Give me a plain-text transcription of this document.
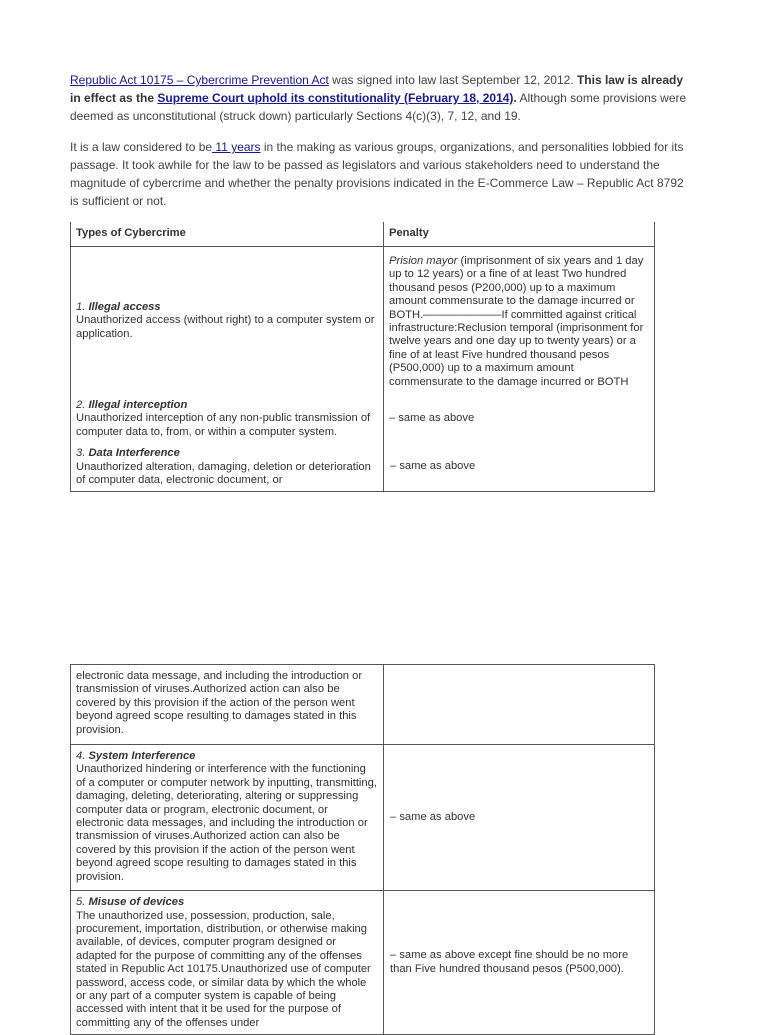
Republic Act 10175 – Cybercrime Prevention Act was signed into law last September 12, 2012. This law is already in effect as the Supreme Court uphold its constitutionality (February 18, 2014). Although some provisions were deemed as unconstitutional (struck down) particularly Sections 4(c)(3), 7, 12, and 19.

It is a law considered to be 11 years in the making as various groups, organizations, and personalities lobbied for its passage. It took awhile for the law to be passed as legislators and various stakeholders need to understand the magnitude of cybercrime and whether the penalty provisions indicated in the E-Commerce Law – Republic Act 8792 is sufficient or not.

Types of Cybercrime	Penalty
1. Illegal access
Unauthorized access (without right) to a computer system or application.	Prision mayor (imprisonment of six years and 1 day up to 12 years) or a fine of at least Two hundred thousand pesos (P200,000) up to a maximum amount commensurate to the damage incurred or BOTH.———————If committed against critical infrastructure:Reclusion temporal (imprisonment for twelve years and one day up to twenty years) or a fine of at least Five hundred thousand pesos (P500,000) up to a maximum amount commensurate to the damage incurred or BOTH
2. Illegal interception
Unauthorized interception of any non-public transmission of computer data to, from, or within a computer system.	– same as above
3. Data Interference
Unauthorized alteration, damaging, deletion or deterioration of computer data, electronic document, or	– same as above
electronic data message, and including the introduction or transmission of viruses.Authorized action can also be covered by this provision if the action of the person went beyond agreed scope resulting to damages stated in this provision.	
4. System Interference
Unauthorized hindering or interference with the functioning of a computer or computer network by inputting, transmitting, damaging, deleting, deteriorating, altering or suppressing computer data or program, electronic document, or electronic data messages, and including the introduction or transmission of viruses.Authorized action can also be covered by this provision if the action of the person went beyond agreed scope resulting to damages stated in this provision.	– same as above
5. Misuse of devices
The unauthorized use, possession, production, sale, procurement, importation, distribution, or otherwise making available, of devices, computer program designed or adapted for the purpose of committing any of the offenses stated in Republic Act 10175.Unauthorized use of computer password, access code, or similar data by which the whole or any part of a computer system is capable of being accessed with intent that it be used for the purpose of committing any of the offenses under	– same as above except fine should be no more than Five hundred thousand pesos (P500,000).
